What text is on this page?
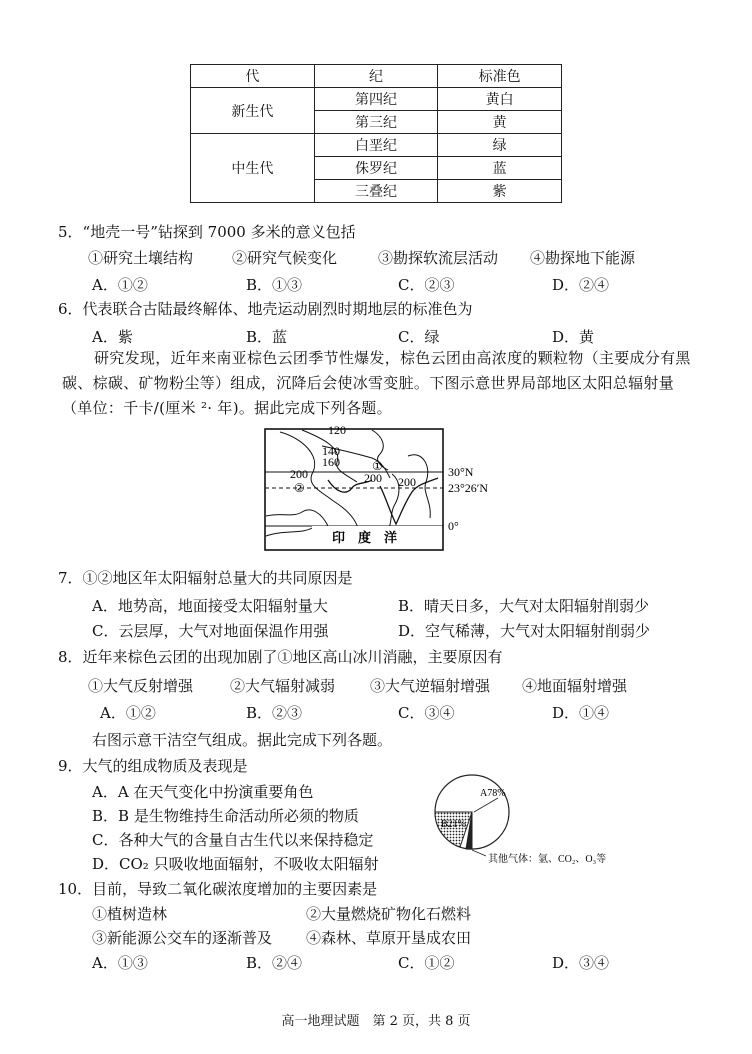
代	纪	标准色
新生代	第四纪	黄白
	第三纪	黄
中生代	白垩纪	绿
	侏罗纪	蓝
	三叠纪	紫
5．“地壳一号”钻探到 7000 多米的意义包括
①研究土壤结构	②研究气候变化	③勘探软流层活动 ④勘探地下能源
A．①②	B．①③	C．②③	D．②④
6．代表联合古陆最终解体、地壳运动剧烈时期地层的标准色为
A．紫	B．蓝	C．绿	D．黄
研究发现，近年来南亚棕色云团季节性爆发，棕色云团由高浓度的颗粒物（主要成分有黑碳、棕碳、矿物粉尘等）组成，沉降后会使冰雪变脏。下图示意世界局部地区太阳总辐射量（单位：千卡/(厘米 ²· 年)。据此完成下列各题。
120
140
160
200	200 200
①
②
印　度　洋
30°N
23°26′N
0°
7．①②地区年太阳辐射总量大的共同原因是
A．地势高，地面接受太阳辐射量大	B．晴天日多，大气对太阳辐射削弱少
C．云层厚，大气对地面保温作用强	D．空气稀薄，大气对太阳辐射削弱少
8．近年来棕色云团的出现加剧了①地区高山冰川消融，主要原因有
①大气反射增强 ②大气辐射减弱 ③大气逆辐射增强 ④地面辐射增强
A．①②	B．②③	C．③④	D．①④
右图示意干洁空气组成。据此完成下列各题。
9．大气的组成物质及表现是
A．A 在天气变化中扮演重要角色
B．B 是生物维持生命活动所必须的物质
C．各种大气的含量自古生代以来保持稳定
D．CO₂ 只吸收地面辐射，不吸收太阳辐射
A78%
B21%
其他气体：氩、CO₂、O₃等
10．目前，导致二氧化碳浓度增加的主要因素是
①植树造林	②大量燃烧矿物化石燃料
③新能源公交车的逐渐普及 ④森林、草原开垦成农田
A．①③	B．②④	C．①②	D．③④
高一地理试题　第 2 页，共 8 页
